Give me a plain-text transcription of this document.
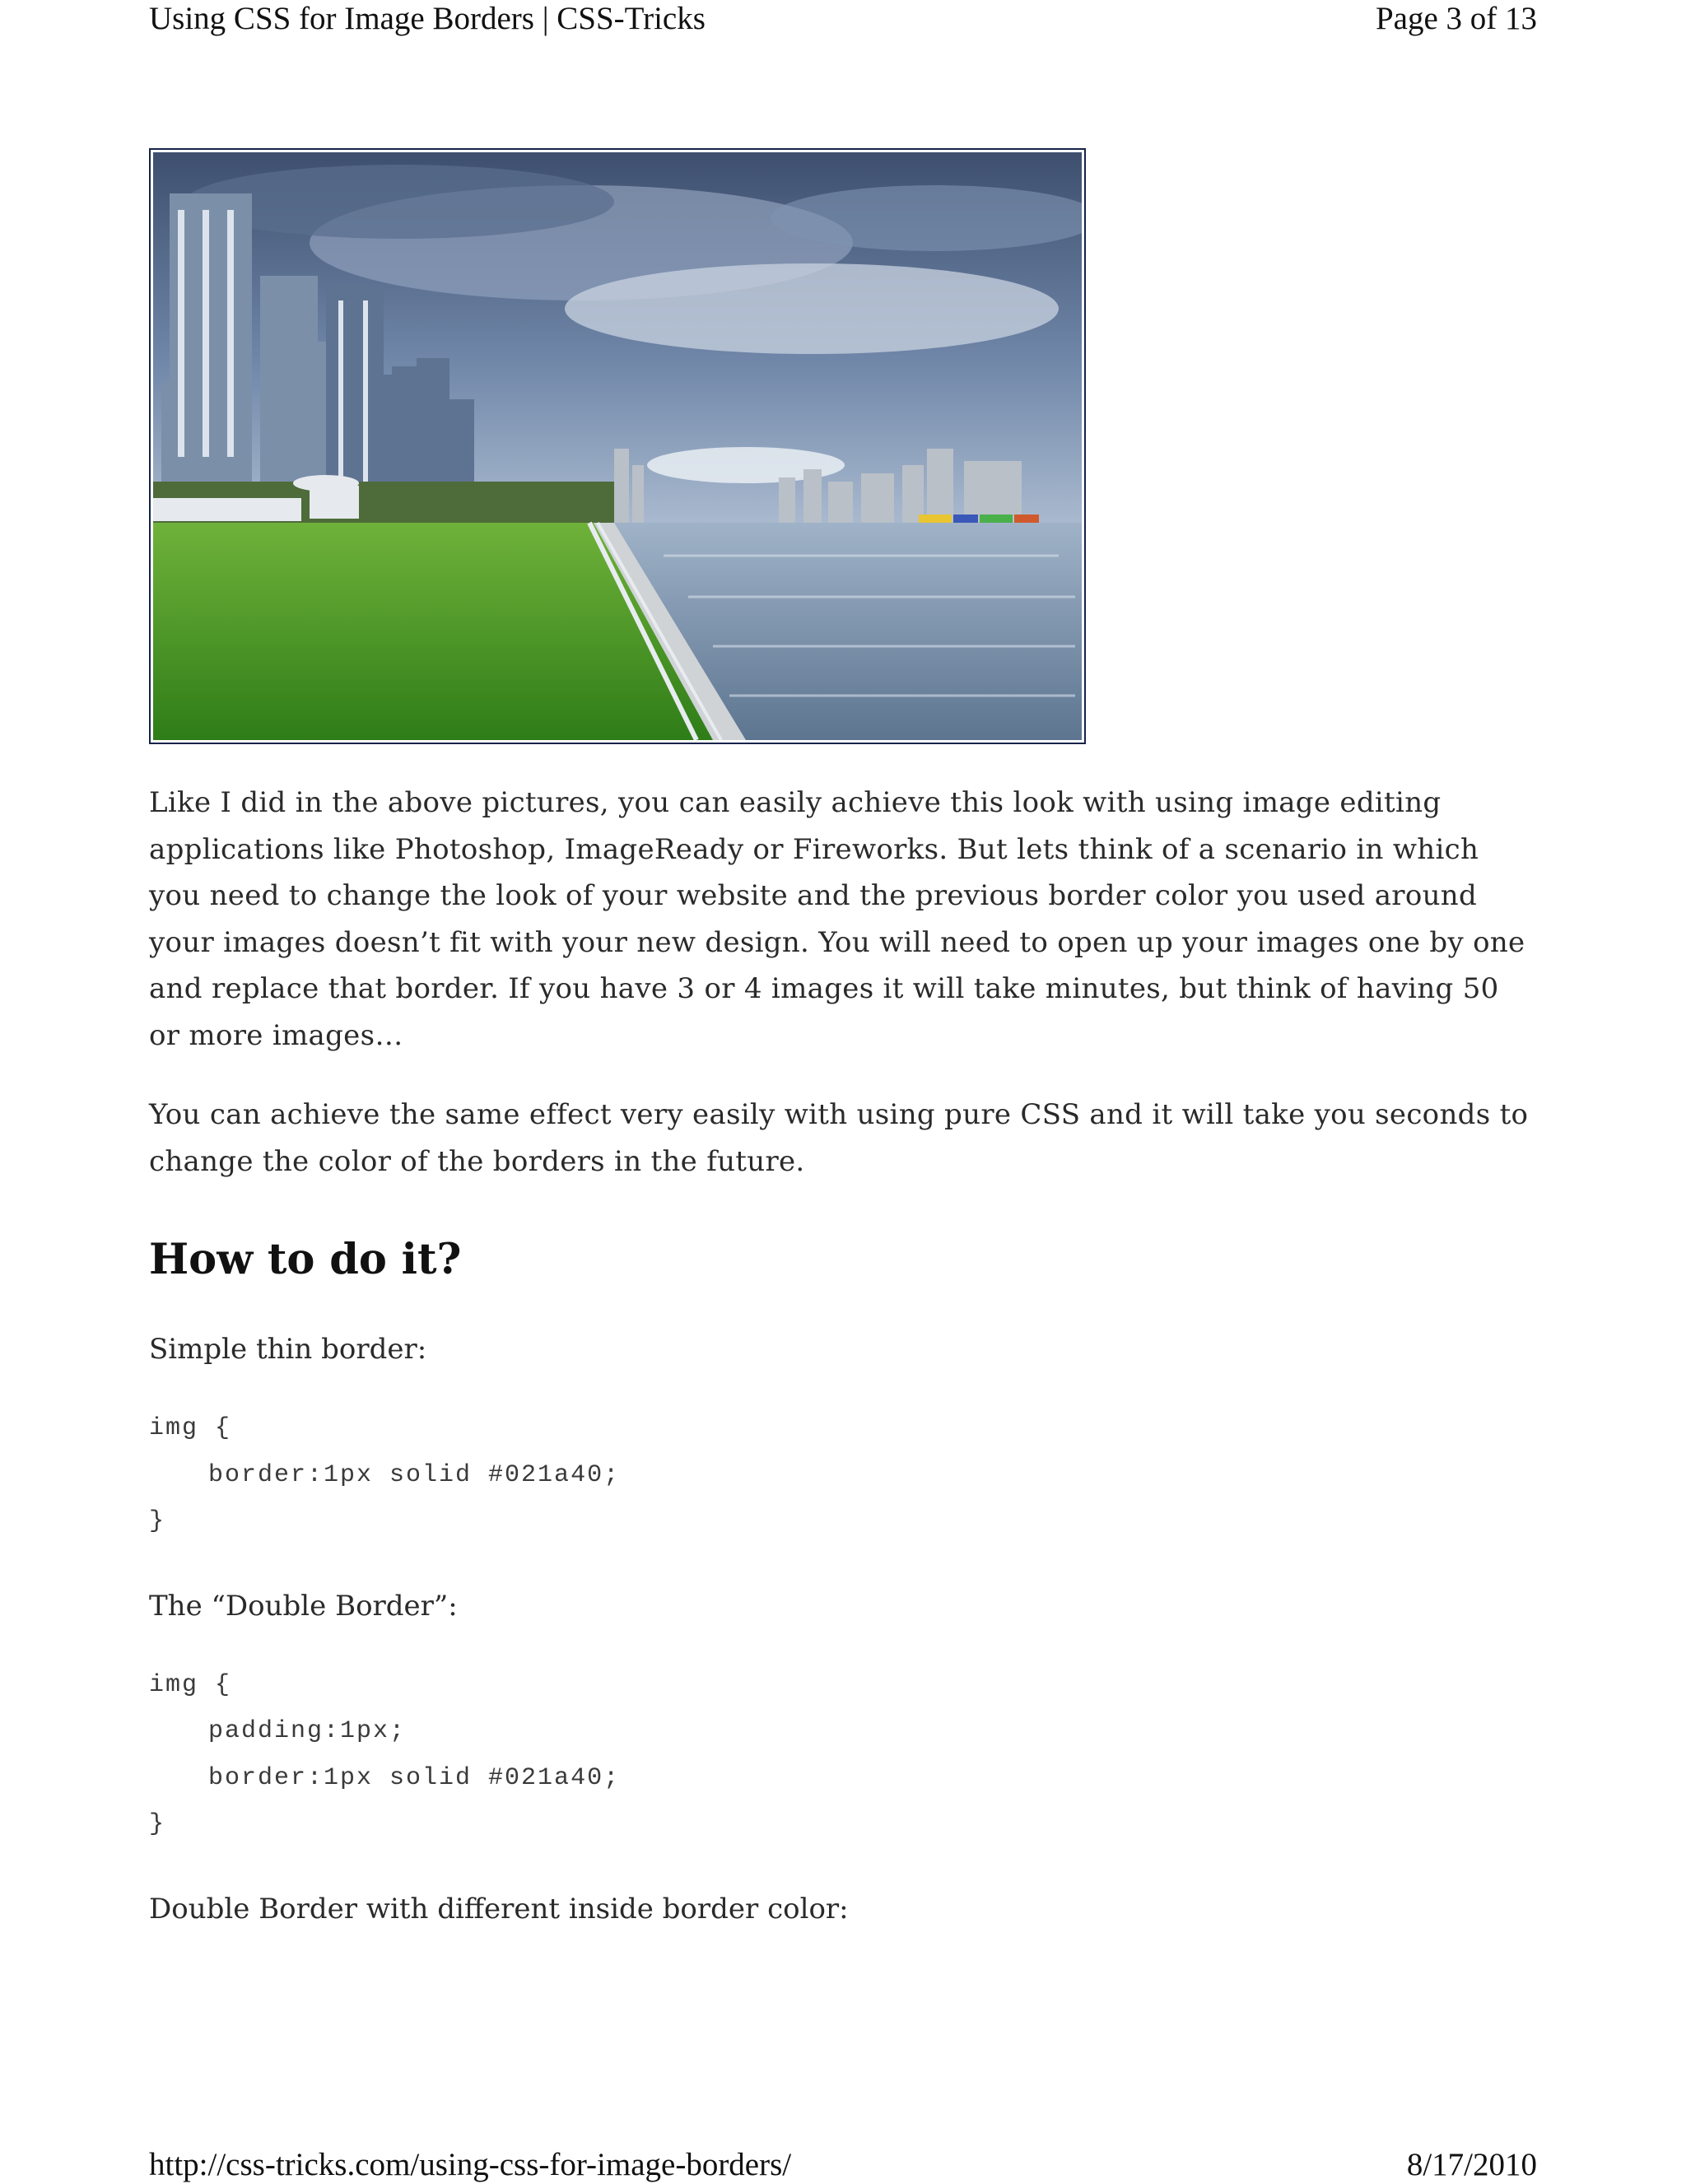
Using CSS for Image Borders | CSS-Tricks	Page 3 of 13

Like I did in the above pictures, you can easily achieve this look with using image editing applications like Photoshop, ImageReady or Fireworks. But lets think of a scenario in which you need to change the look of your website and the previous border color you used around your images doesn’t fit with your new design. You will need to open up your images one by one and replace that border. If you have 3 or 4 images it will take minutes, but think of having 50 or more images…

You can achieve the same effect very easily with using pure CSS and it will take you seconds to change the color of the borders in the future.

How to do it?

Simple thin border:

img {
border:1px solid #021a40;
}

The “Double Border”:

img {
padding:1px;
border:1px solid #021a40;
}

Double Border with different inside border color:

http://css-tricks.com/using-css-for-image-borders/	8/17/2010
